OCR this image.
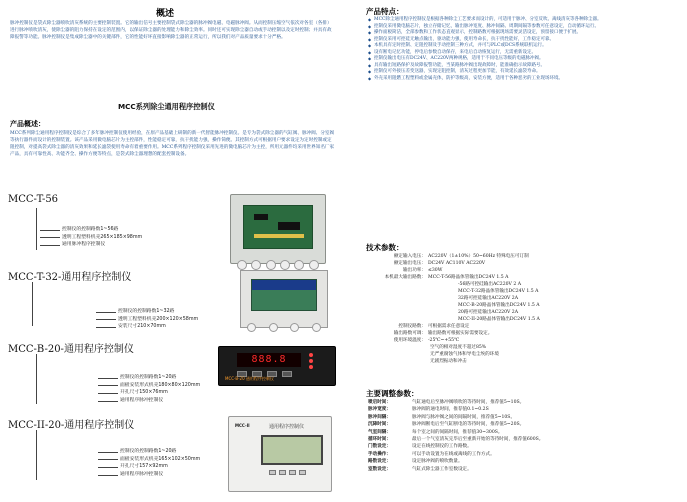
概述
脉冲控制仪是袋式除尘器喷吹清灰系统的主要控制装置。它的输出信号主要控制袋式除尘器的脉冲阀电磁、电磁脉冲阀。从而控制压缩空气依次对各室（各排）进行脉冲喷吹清灰，使除尘器的阻力保持在设定的范围内，以保证除尘器的处理能力和除尘效率。同时还可实现除尘器自动或手动控制以及定时控制；并具有故障报警等功能。脉冲控制仪是集成除尘器中的关键部件，它的性能好坏直接影响除尘器的正常运行，所以我们对产品质量要求十分严格。
MCC系列除尘通用程序控制仪
产品概述：
MCC系列除尘通用程序控制仪是综合了多年脉冲控制仪使用经验，在原产品基础上研制的新一代智能脉冲控制仪。是专为袋式除尘器的气缸阀、脉冲阀、分室阀等执行器件而设计的控制装置。该产品采用微电脑芯片为主控部件，性能稳定可靠，抗干扰能力强，操作简便。其控制方式可根据用户要求设定为定时控制或定阻控制，对提高袋式除尘器的清灰效果和延长滤袋使用寿命有着重要作用。MCC系列程序控制仪采用先进的微电脑芯片为主控，所用元器件均采用世界知名厂家产品，具有可靠性高、功能齐全、操作方便等特点，是袋式除尘器理想的配套控制设备。
MCC-T-56
控制仪的控制路数1~56路
透明工程塑料机壳265×185×98mm
通用脉冲程序控制仪
MCC-T-32-通用程序控制仪
控制仪的控制路数1~32路
透明工程塑料机壳200×120×58mm
安装尺寸210×70mm
MCC-B-20-通用程序控制仪
控制仪的控制路数1~20路
面板安装形式机壳180×80×120mm
开孔尺寸150×76mm
通用程序脉冲控制仪
888.8
MCC-B-20 通用程序控制仪
MCC-II-20-通用程序控制仪
控制仪的控制路数1~20路
面板安装形式机壳165×102×50mm
开孔尺寸157×92mm
通用程序脉冲控制仪
MCC-II	通用程序控制仪
产品特点：
◆ MCC除尘通用程序控制仪是根据各种除尘工艺要求而设计的，可适用于脉冲、分室反吹、离线清灰等各种除尘器。
◆ 控制仪采用微电脑芯片，独立存储记忆，输出脉冲宽度、脉冲间隔、周期间隔等参数可任意设定，自动循环运行。
◆ 操作面板简洁，全部参数和工作状态直观显示，控制路数可根据现场需要灵活设定，预留接口便于扩展。
◆ 控制仪采用可控硅无触点输出，驱动能力强，使用寿命长，抗干扰性能好，工作稳定可靠。
◆ 本机具有定时控制、定阻控制及手动控制三种方式，并可与PLC或DCS系统联机运行。
◆ 设有断电记忆功能，停电后参数自动保存，来电后自动恢复运行，无需重新设定。
◆ 控制仪输出电压有DC24V、AC220V两种规格，适用于不同电压等级的电磁脉冲阀。
◆ 具有输出短路保护及故障报警功能，当某路脉冲阀出现故障时，能准确指示故障路号。
◆ 控制仪可外接压差变送器，实现定阻控制，清灰过程更加节能，有效延长滤袋寿命。
◆ 外壳采用阻燃工程塑料或金属壳体，防护等级高，安装方便，适用于各种恶劣的工业现场环境。
技术参数：
额定输入电压： AC220V（1±10%）50~60Hz 特殊电压可订制
额定输出电压： DC24V AC110V AC220V
输出功率： ≤30W
本机最大输出路数： MCC-T-56路晶体管输出DC24V 1.5 A
-56路可控硅输出AC220V 2 A
MCC-T-32路晶体管输出DC24V 1.5 A
32路可控硅输出AC220V 2A
MCC-B-20路晶体管输出DC24V 1.5 A
20路可控硅输出AC220V 2A
MCC-II-20路晶体管输出DC24V 1.5 A
控制仪路数： 可根据需求任意设定
输出路数可调： 输出路数可根据实际需要设定。
使用环境温度： -25℃~+55℃
空气的相对湿度不超过85%
无严重腐蚀气体和导电尘埃的环境
无剧烈振动和冲击
主要调整参数：
喷启时间：	气缸通电后至脉冲阀喷吹的等待时间，推荐值5~10S。
脉冲宽度：	脉冲阀的通电时间，推荐值0.1~0.2S
脉冲间隔：	脉冲阀与脉冲阀之间的间隔时间，推荐值5~10S。
沉降时间：	脉冲阀断电后至气缸断电的等待时间，推荐值5~20S。
气室间隔：	每个室之间的间隔时间，推荐值30~300S。
循环时间：	最后一个气室清灰完毕后至重新开始的等待时间，推荐值600S。
门数设定：	设定在线控制仪的工作路数。
手动操作：	可以手动设置为在线或离线的工作方式。
路数设定：	设定脉冲阀的喷吹数量。
室数设定：	气缸式除尘器工作室数设定。
